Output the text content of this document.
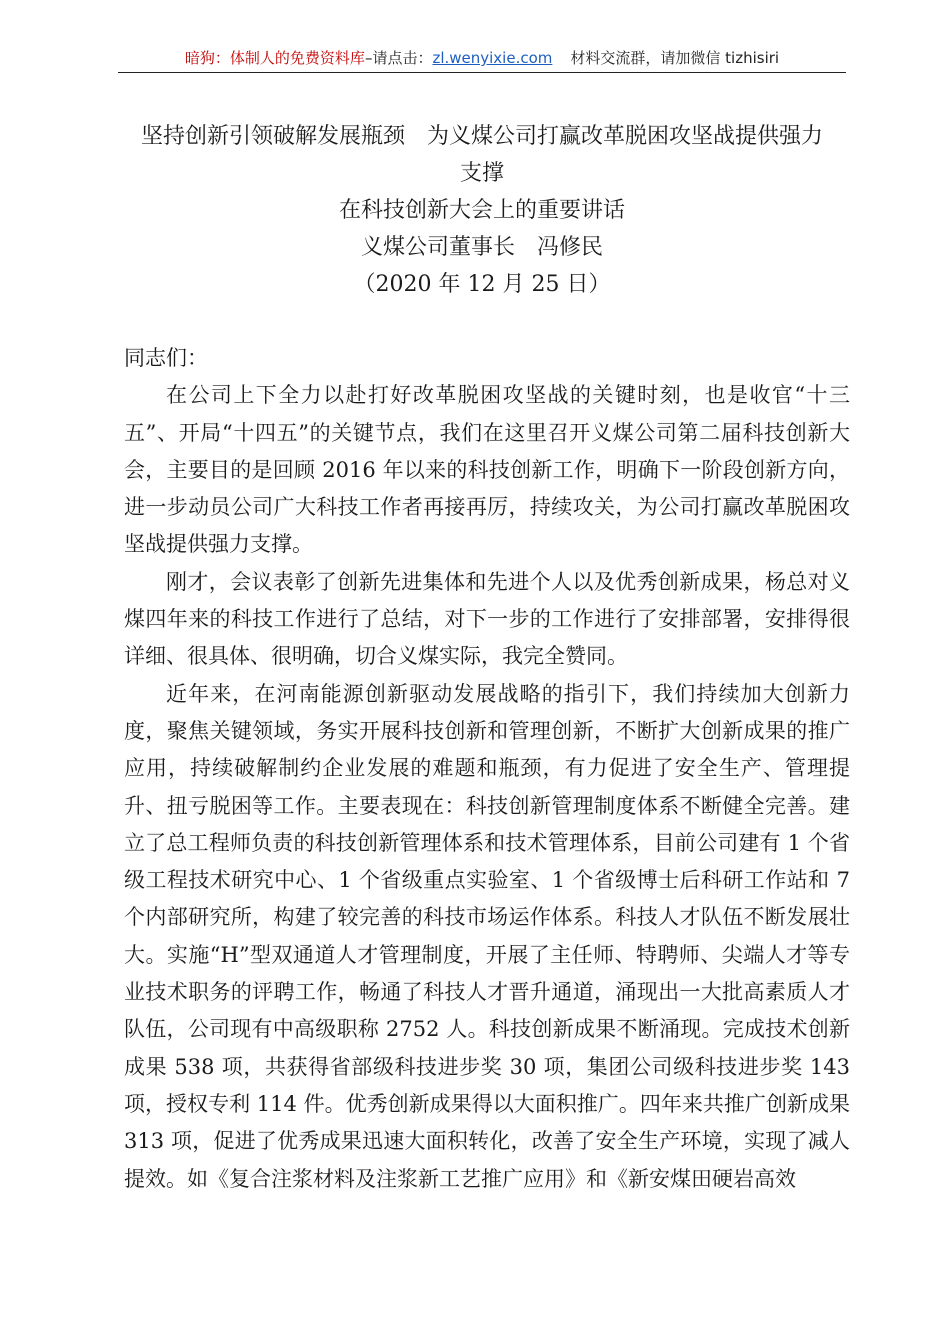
暗狗：体制人的免费资料库–请点击：zl.wenyixie.com 材料交流群，请加微信 tizhisiri
坚持创新引领破解发展瓶颈　为义煤公司打赢改革脱困攻坚战提供强力
支撑
在科技创新大会上的重要讲话
义煤公司董事长　冯修民
（2020 年 12 月 25 日）

同志们：

在公司上下全力以赴打好改革脱困攻坚战的关键时刻，也是收官“十三五”、开局“十四五”的关键节点，我们在这里召开义煤公司第二届科技创新大会，主要目的是回顾 2016 年以来的科技创新工作，明确下一阶段创新方向，进一步动员公司广大科技工作者再接再厉，持续攻关，为公司打赢改革脱困攻坚战提供强力支撑。

刚才，会议表彰了创新先进集体和先进个人以及优秀创新成果，杨总对义煤四年来的科技工作进行了总结，对下一步的工作进行了安排部署，安排得很详细、很具体、很明确，切合义煤实际，我完全赞同。

近年来，在河南能源创新驱动发展战略的指引下，我们持续加大创新力度，聚焦关键领域，务实开展科技创新和管理创新，不断扩大创新成果的推广应用，持续破解制约企业发展的难题和瓶颈，有力促进了安全生产、管理提升、扭亏脱困等工作。主要表现在：科技创新管理制度体系不断健全完善。建立了总工程师负责的科技创新管理体系和技术管理体系，目前公司建有 1 个省级工程技术研究中心、1 个省级重点实验室、1 个省级博士后科研工作站和 7 个内部研究所，构建了较完善的科技市场运作体系。科技人才队伍不断发展壮大。实施“H”型双通道人才管理制度，开展了主任师、特聘师、尖端人才等专业技术职务的评聘工作，畅通了科技人才晋升通道，涌现出一大批高素质人才队伍，公司现有中高级职称 2752 人。科技创新成果不断涌现。完成技术创新成果 538 项，共获得省部级科技进步奖 30 项，集团公司级科技进步奖 143 项，授权专利 114 件。优秀创新成果得以大面积推广。四年来共推广创新成果 313 项，促进了优秀成果迅速大面积转化，改善了安全生产环境，实现了减人提效。如《复合注浆材料及注浆新工艺推广应用》和《新安煤田硬岩高效
